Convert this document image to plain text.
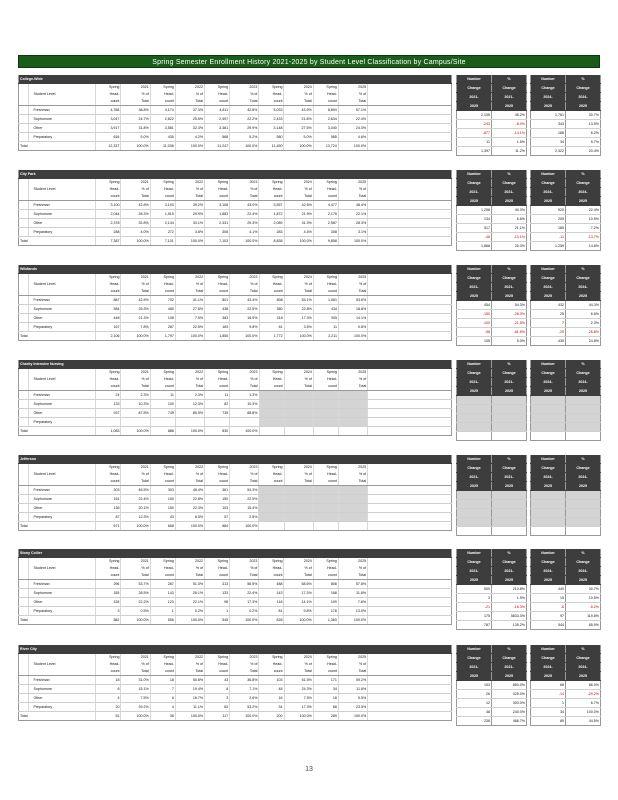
Spring Semester Enrollment History 2021-2025 by Student Level Classification by Campus/Site
College-Wide												
		Spring	2021	Spring	2022	Spring	2023	Spring	2024	Spring	2025	
	Student Level	Head-	% of	Head-	% of	Head-	% of	Head-	% of	Head-	% of	
		count	Total	count	Total	count	Total	count	Total	count	Total	
	Freshman	4,788	38.8%	4,174	37.3%	4,811	42.8%	5,033	43.9%	8,894	57.1%	
	Sophomore	3,047	24.7%	2,822	25.5%	2,497	22.2%	2,433	21.8%	2,634	22.4%	
	Other	3,917	31.8%	3,581	32.3%	3,381	29.9%	3,148	27.5%	3,040	24.3%	
	Preparatory	616	5.0%	435	4.2%	568	5.2%	580	5.0%	585	4.6%	
Total		12,337	100.0%	11,036	100.0%	11,247	100.0%	11,450	100.0%	13,724	100.0%	
Number	%
Change	Change
2021-	2021-
2025	2025
2,106	45.2%
-243	-8.0%
-877	-14.1%
11	1.5%
1,397	11.2%
Number	%
Change	Change
2024-	2024-
2025	2025
1,761	30.7%
343	13.9%
186	6.2%
34	5.7%
2,322	20.4%
City Park												
		Spring	2021	Spring	2022	Spring	2023	Spring	2024	Spring	2025	
	Student Level	Head-	% of	Head-	% of	Head-	% of	Head-	% of	Head-	% of	
		count	Total	count	Total	count	Total	count	Total	count	Total	
	Freshman	3,100	42.8%	3,193	39.2%	3,108	43.0%	3,557	42.6%	4,477	48.4%	
	Sophomore	2,044	28.3%	1,915	29.9%	1,883	22.4%	1,872	21.9%	2,178	22.1%	
	Other	2,378	32.8%	2,144	33.1%	2,331	29.3%	2,089	31.3%	2,587	28.3%	
	Preparatory	288	4.0%	272	3.8%	308	4.1%	283	4.4%	308	3.1%	
Total		7,387	100.0%	7,101	100.0%	7,103	100.0%	8,838	100.0%	9,858	100.0%	
Number	%
Change	Change
2021-	2021-
2025	2025
1,258	40.3%
134	6.6%
517	21.1%
-48	-13.1%
1,868	25.3%
Number	%
Change	Change
2024-	2024-
2025	2025
920	22.4%
209	10.5%
185	7.2%
-11	-13.7%
1,259	14.8%
Wildlands												
		Spring	2021	Spring	2022	Spring	2023	Spring	2024	Spring	2025	
	Student Level	Head-	% of	Head-	% of	Head-	% of	Head-	% of	Head-	% of	
		count	Total	count	Total	count	Total	count	Total	count	Total	
	Freshman	887	42.5%	702	41.1%	801	43.4%	808	54.1%	1,081	53.6%	
	Sophomore	584	25.3%	480	27.8%	438	22.5%	380	22.8%	434	18.8%	
	Other	448	21.3%	108	7.5%	383	16.5%	318	17.3%	305	14.1%	
	Preparatory	167	7.8%	287	22.5%	183	9.8%	61	3.5%	11	0.8%	
Total		2,106	100.0%	1,797	100.0%	1,855	100.0%	1,772	100.0%	2,211	100.0%	
Number	%
Change	Change
2021-	2021-
2025	2025
454	54.3%
-150	-26.3%
-100	-21.5%
-96	-61.5%
105	5.0%
Number	%
Change	Change
2024-	2024-
2025	2025
432	44.3%
25	6.6%
7	2.3%
-25	-26.8%
439	24.8%
Charity Intensive Nursing												
		Spring	2021	Spring	2022	Spring	2023	Spring	2024	Spring	2025	
	Student Level	Head-	% of	Head-	% of	Head-	% of	Head-	% of	Head-	% of	
		count	Total	count	Total	count	Total	count	Total	count	Total	
	Freshman	24	2.3%	11	2.3%	11	1.3%					
	Sophomore	133	10.3%	100	12.3%	82	10.3%					
	Other	937	87.8%	749	85.5%	739	88.8%					
	Preparatory											
Total		1,083	100.0%	886	100.0%	830	100.0%					
Number	%
Change	Change
2021-	2021-
2025	2025

Number	%
Change	Change
2024-	2024-
2025	2025

Jefferson												
		Spring	2021	Spring	2022	Spring	2023	Spring	2024	Spring	2025	
	Student Level	Head-	% of	Head-	% of	Head-	% of	Head-	% of	Head-	% of	
		count	Total	count	Total	count	Total	count	Total	count	Total	
	Freshman	303	45.5%	303	45.4%	361	54.3%					
	Sophomore	151	22.4%	150	22.8%	150	22.5%					
	Other	136	20.1%	150	22.3%	103	15.4%					
	Preparatory	87	12.3%	43	6.5%	57	2.8%					
Total		671	100.0%	668	100.0%	684	100.0%					
Number	%
Change	Change
2021-	2021-
2025	2025

Number	%
Change	Change
2024-	2024-
2025	2025

Stony Collier												
		Spring	2021	Spring	2022	Spring	2023	Spring	2024	Spring	2025	
	Student Level	Head-	% of	Head-	% of	Head-	% of	Head-	% of	Head-	% of	
		count	Total	count	Total	count	Total	count	Total	count	Total	
	Freshman	296	53.7%	287	51.3%	313	56.5%	488	58.6%	808	57.8%	
	Sophomore	155	28.5%	143	26.1%	133	22.4%	143	17.3%	168	11.8%	
	Other	128	22.2%	123	22.1%	98	17.3%	116	14.1%	109	7.8%	
	Preparatory	3	0.5%	1	0.2%	1	0.2%	81	9.8%	178	13.0%	
Total		582	100.0%	556	100.0%	545	100.0%	828	100.0%	1,363	100.0%	
Number	%
Change	Change
2021-	2021-
2025	2025
500	210.8%
3	1.9%
-21	-16.3%
175	5833.3%
787	135.2%
Number	%
Change	Change
2024-	2024-
2025	2025
440	30.7%
15	10.5%
-6	-5.2%
97	119.8%
544	65.9%
River City												
		Spring	2021	Spring	2022	Spring	2023	Spring	2024	Spring	2025	
	Student Level	Head-	% of	Head-	% of	Head-	% of	Head-	% of	Head-	% of	
		count	Total	count	Total	count	Total	count	Total	count	Total	
	Freshman	18	31.0%	18	50.8%	43	36.8%	103	51.5%	171	59.2%	
	Sophomore	8	15.1%	7	19.4%	8	7.1%	48	24.3%	34	11.8%	
	Other	4	7.5%	6	16.7%	3	2.6%	16	7.5%	16	5.5%	
	Preparatory	20	39.2%	4	11.1%	63	53.2%	34	17.3%	68	23.5%	
Total		51	100.0%	36	100.0%	117	100.0%	200	100.0%	289	100.0%	
Number	%
Change	Change
2021-	2021-
2025	2025
153	850.0%
26	325.0%
12	300.0%
48	240.0%
238	466.7%
Number	%
Change	Change
2024-	2024-
2025	2025
68	66.0%
-14	-29.2%
1	6.7%
34	100.0%
89	44.5%
13
